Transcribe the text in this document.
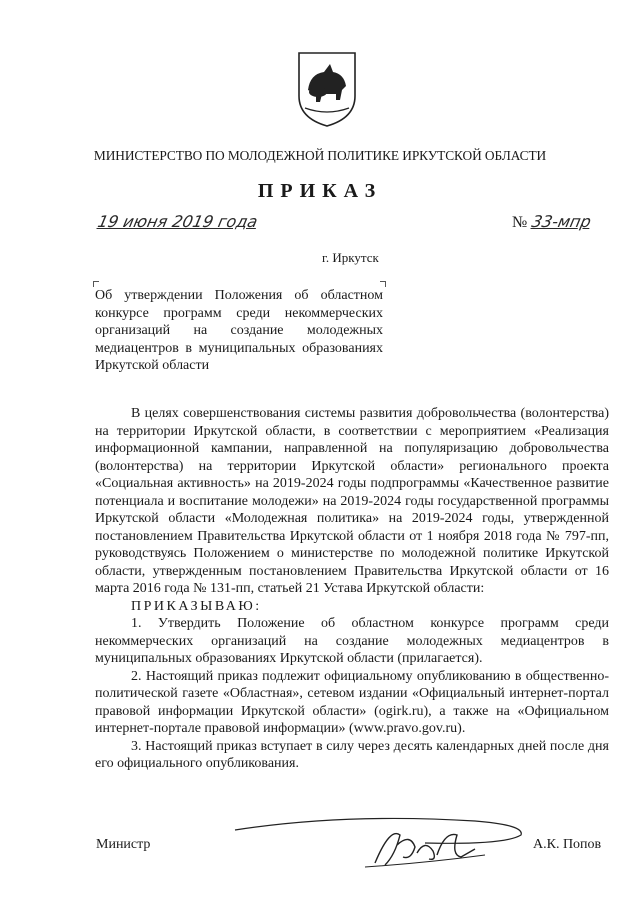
МИНИСТЕРСТВО ПО МОЛОДЕЖНОЙ ПОЛИТИКЕ ИРКУТСКОЙ ОБЛАСТИ
ПРИКАЗ
19 июня 2019 года	№ 33-мпр
г. Иркутск
Об утверждении Положения об областном конкурсе программ среди некоммерческих организаций на создание молодежных медиацентров в муниципальных образованиях Иркутской области

В целях совершенствования системы развития добровольчества (волонтерства) на территории Иркутской области, в соответствии с мероприятием «Реализация информационной кампании, направленной на популяризацию добровольчества (волонтерства) на территории Иркутской области» регионального проекта «Социальная активность» на 2019-2024 годы подпрограммы «Качественное развитие потенциала и воспитание молодежи» на 2019-2024 годы государственной программы Иркутской области «Молодежная политика» на 2019-2024 годы, утвержденной постановлением Правительства Иркутской области от 1 ноября 2018 года № 797-пп, руководствуясь Положением о министерстве по молодежной политике Иркутской области, утвержденным постановлением Правительства Иркутской области от 16 марта 2016 года № 131-пп, статьей 21 Устава Иркутской области:

ПРИКАЗЫВАЮ:

1. Утвердить Положение об областном конкурсе программ среди некоммерческих организаций на создание молодежных медиацентров в муниципальных образованиях Иркутской области (прилагается).

2. Настоящий приказ подлежит официальному опубликованию в общественно-политической газете «Областная», сетевом издании «Официальный интернет-портал правовой информации Иркутской области» (ogirk.ru), а также на «Официальном интернет-портале правовой информации» (www.pravo.gov.ru).

3. Настоящий приказ вступает в силу через десять календарных дней после дня его официального опубликования.

Министр	А.К. Попов
